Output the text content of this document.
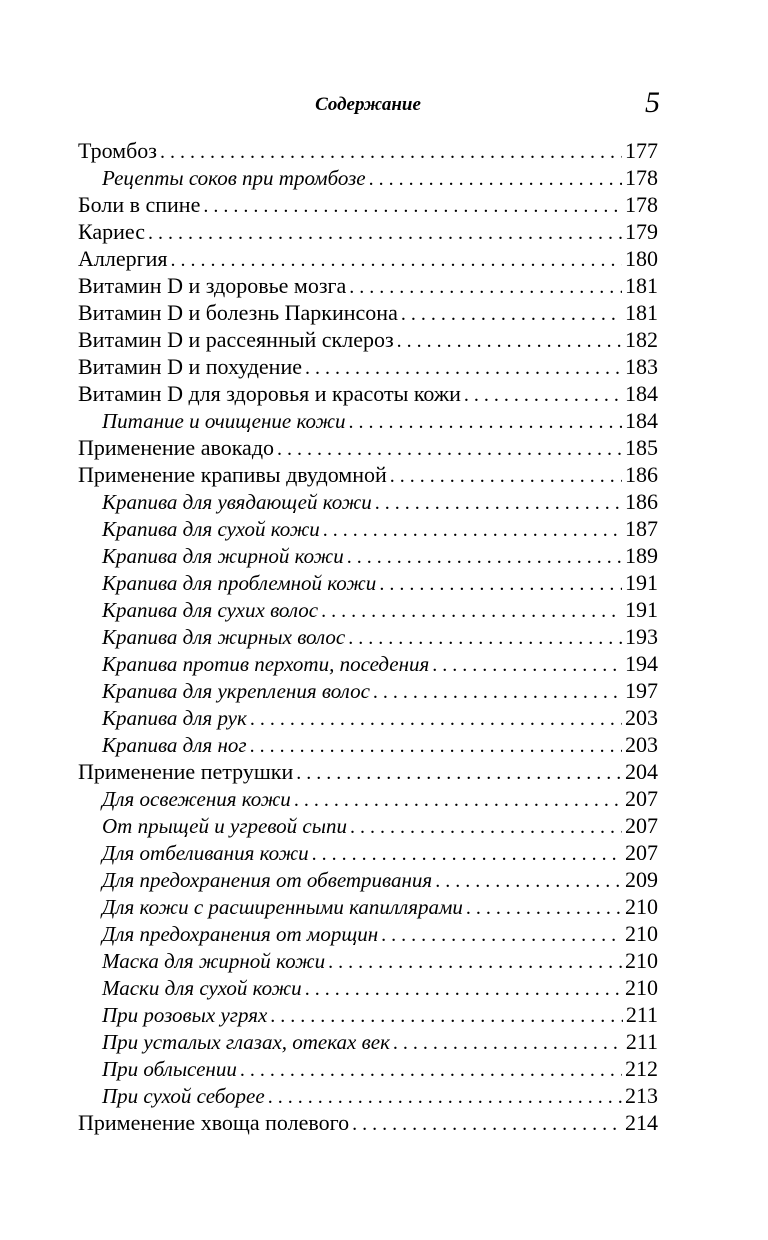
Содержание	5
Тромбоз . . .	177
Рецепты соков при тромбозе . . .	178
Боли в спине . . .	178
Кариес . . .	179
Аллергия . . .	180
Витамин D и здоровье мозга . . .	181
Витамин D и болезнь Паркинсона . . .	181
Витамин D и рассеянный склероз . . .	182
Витамин D и похудение . . .	183
Витамин D для здоровья и красоты кожи . . .	184
Питание и очищение кожи . . .	184
Применение авокадо . . .	185
Применение крапивы двудомной . . .	186
Крапива для увядающей кожи . . .	186
Крапива для сухой кожи . . .	187
Крапива для жирной кожи . . .	189
Крапива для проблемной кожи . . .	191
Крапива для сухих волос . . .	191
Крапива для жирных волос . . .	193
Крапива против перхоти, поседения . . .	194
Крапива для укрепления волос . . .	197
Крапива для рук . . .	203
Крапива для ног . . .	203
Применение петрушки . . .	204
Для освежения кожи . . .	207
От прыщей и угревой сыпи . . .	207
Для отбеливания кожи . . .	207
Для предохранения от обветривания . . .	209
Для кожи с расширенными капиллярами . . .	210
Для предохранения от морщин . . .	210
Маска для жирной кожи . . .	210
Маски для сухой кожи . . .	210
При розовых угрях . . .	211
При усталых глазах, отеках век . . .	211
При облысении . . .	212
При сухой себорее . . .	213
Применение хвоща полевого . . .	214
